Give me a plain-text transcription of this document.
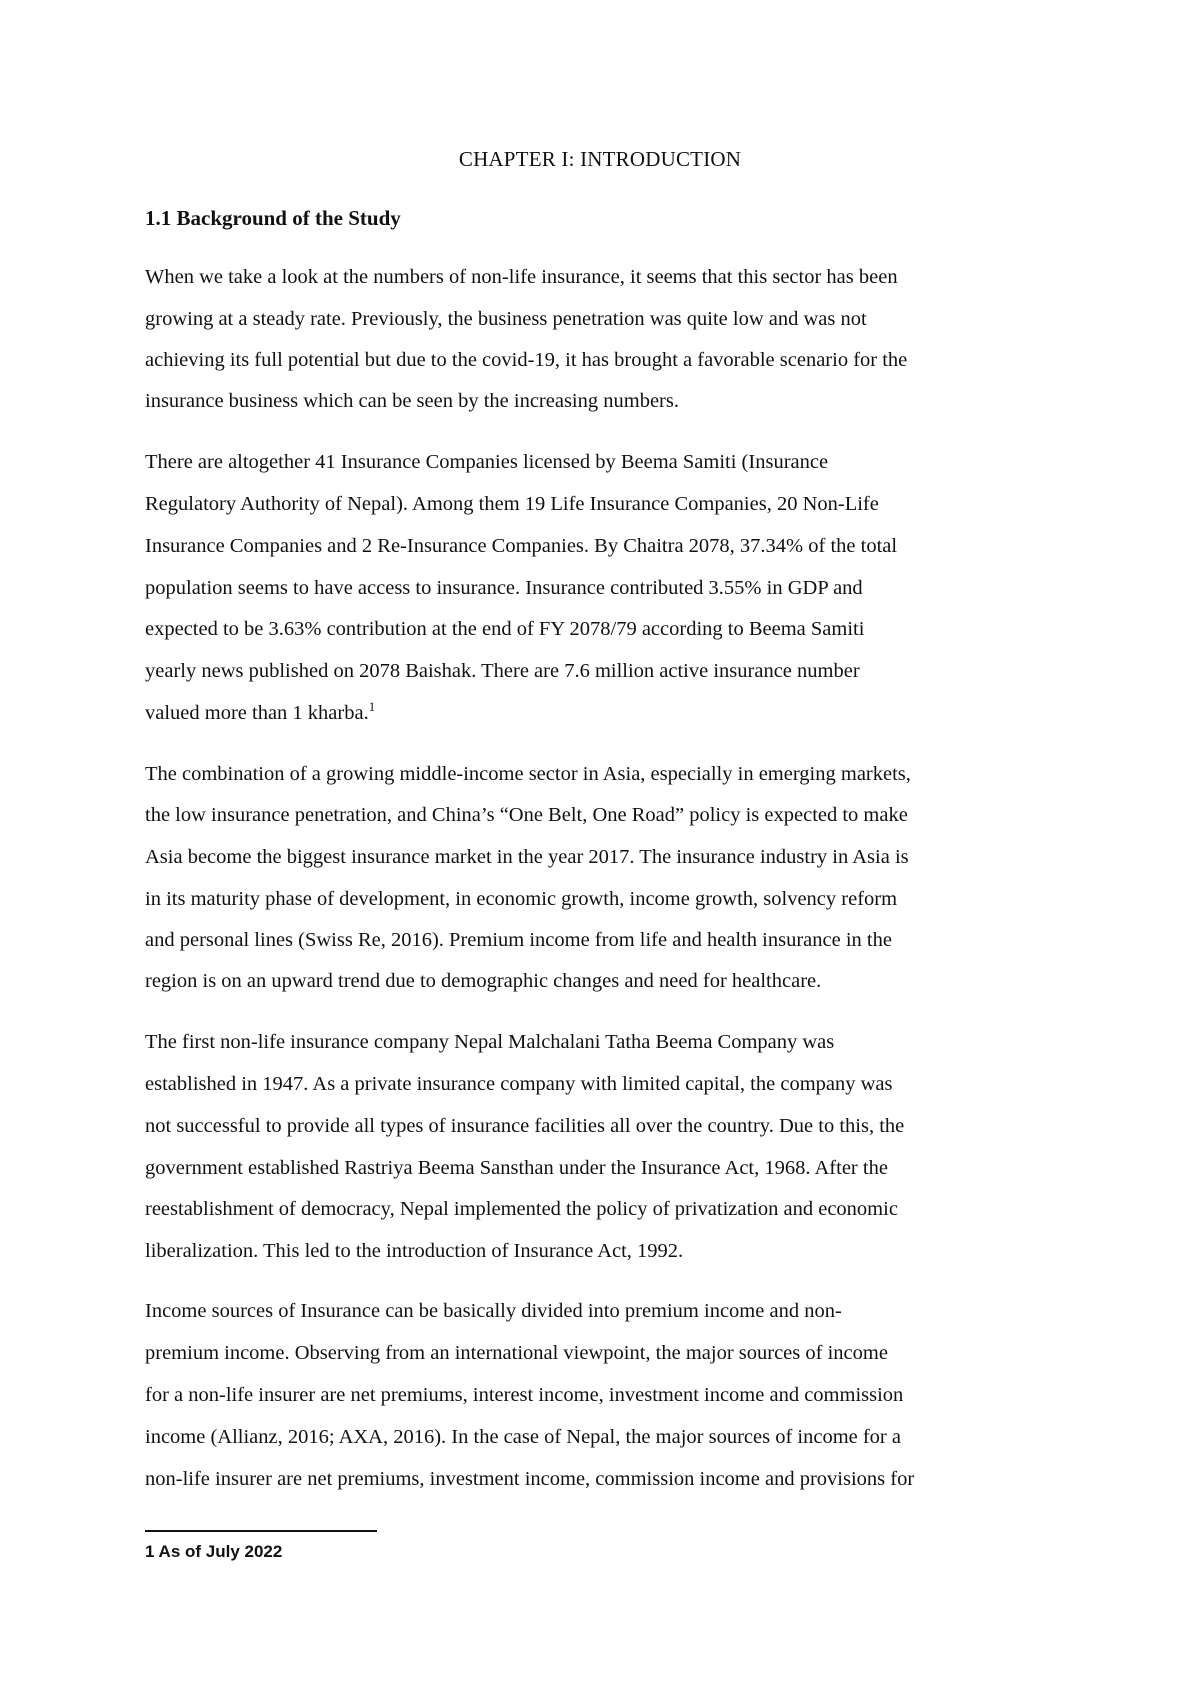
CHAPTER I: INTRODUCTION
1.1 Background of the Study

When we take a look at the numbers of non-life insurance, it seems that this sector has been

growing at a steady rate. Previously, the business penetration was quite low and was not

achieving its full potential but due to the covid-19, it has brought a favorable scenario for the

insurance business which can be seen by the increasing numbers.

There are altogether 41 Insurance Companies licensed by Beema Samiti (Insurance

Regulatory Authority of Nepal). Among them 19 Life Insurance Companies, 20 Non-Life

Insurance Companies and 2 Re-Insurance Companies. By Chaitra 2078, 37.34% of the total

population seems to have access to insurance. Insurance contributed 3.55% in GDP and

expected to be 3.63% contribution at the end of FY 2078/79 according to Beema Samiti

yearly news published on 2078 Baishak. There are 7.6 million active insurance number

valued more than 1 kharba.$^1$

The combination of a growing middle-income sector in Asia, especially in emerging markets,

the low insurance penetration, and China’s “One Belt, One Road” policy is expected to make

Asia become the biggest insurance market in the year 2017. The insurance industry in Asia is

in its maturity phase of development, in economic growth, income growth, solvency reform

and personal lines (Swiss Re, 2016). Premium income from life and health insurance in the

region is on an upward trend due to demographic changes and need for healthcare.

The first non-life insurance company Nepal Malchalani Tatha Beema Company was

established in 1947. As a private insurance company with limited capital, the company was

not successful to provide all types of insurance facilities all over the country. Due to this, the

government established Rastriya Beema Sansthan under the Insurance Act, 1968. After the

reestablishment of democracy, Nepal implemented the policy of privatization and economic

liberalization. This led to the introduction of Insurance Act, 1992.

Income sources of Insurance can be basically divided into premium income and non-

premium income. Observing from an international viewpoint, the major sources of income

for a non-life insurer are net premiums, interest income, investment income and commission

income (Allianz, 2016; AXA, 2016). In the case of Nepal, the major sources of income for a

non-life insurer are net premiums, investment income, commission income and provisions for

1 As of July 2022
